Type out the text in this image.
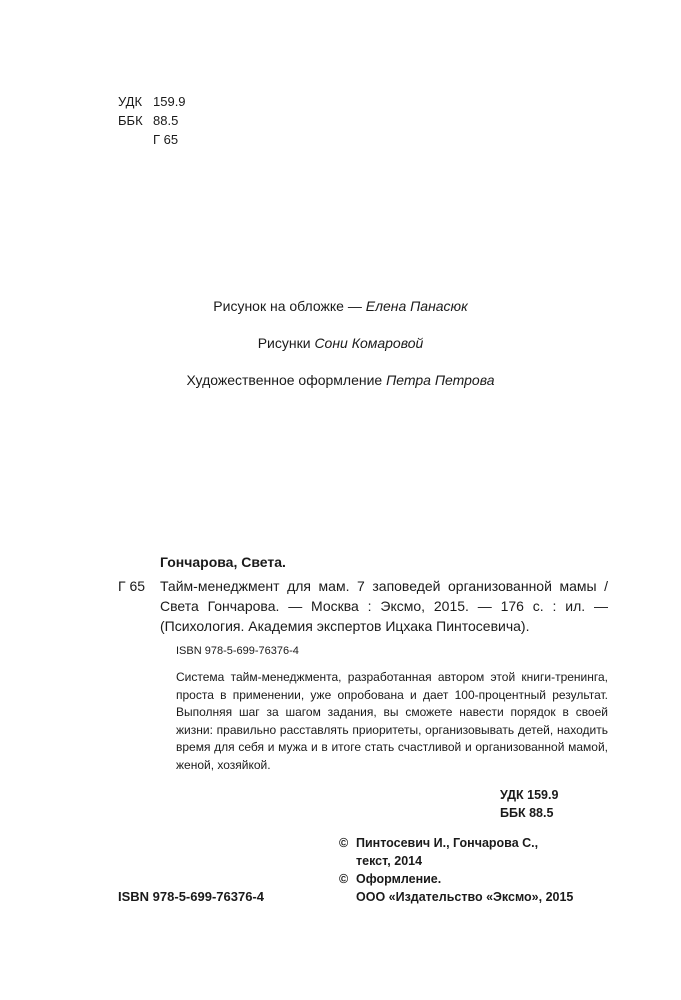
УДК 159.9
ББК 88.5
Г 65
Рисунок на обложке — Елена Панасюк
Рисунки Сони Комаровой
Художественное оформление Петра Петрова
Гончарова, Света.
Г 65	Тайм-менеджмент для мам. 7 заповедей организованной мамы / Света Гончарова. — Москва : Эксмо, 2015. — 176 с. : ил. — (Психология. Академия экспертов Ицхака Пинтосевича).
ISBN 978-5-699-76376-4
Система тайм-менеджмента, разработанная автором этой книги-тренинга, проста в применении, уже опробована и дает 100-процентный результат. Выполняя шаг за шагом задания, вы сможете навести порядок в своей жизни: правильно расставлять приоритеты, организовывать детей, находить время для себя и мужа и в итоге стать счастливой и организованной мамой, женой, хозяйкой.
УДК 159.9
ББК 88.5
© Пинтосевич И., Гончарова С.,
текст, 2014
© Оформление.
ООО «Издательство «Эксмо», 2015
ISBN 978-5-699-76376-4
